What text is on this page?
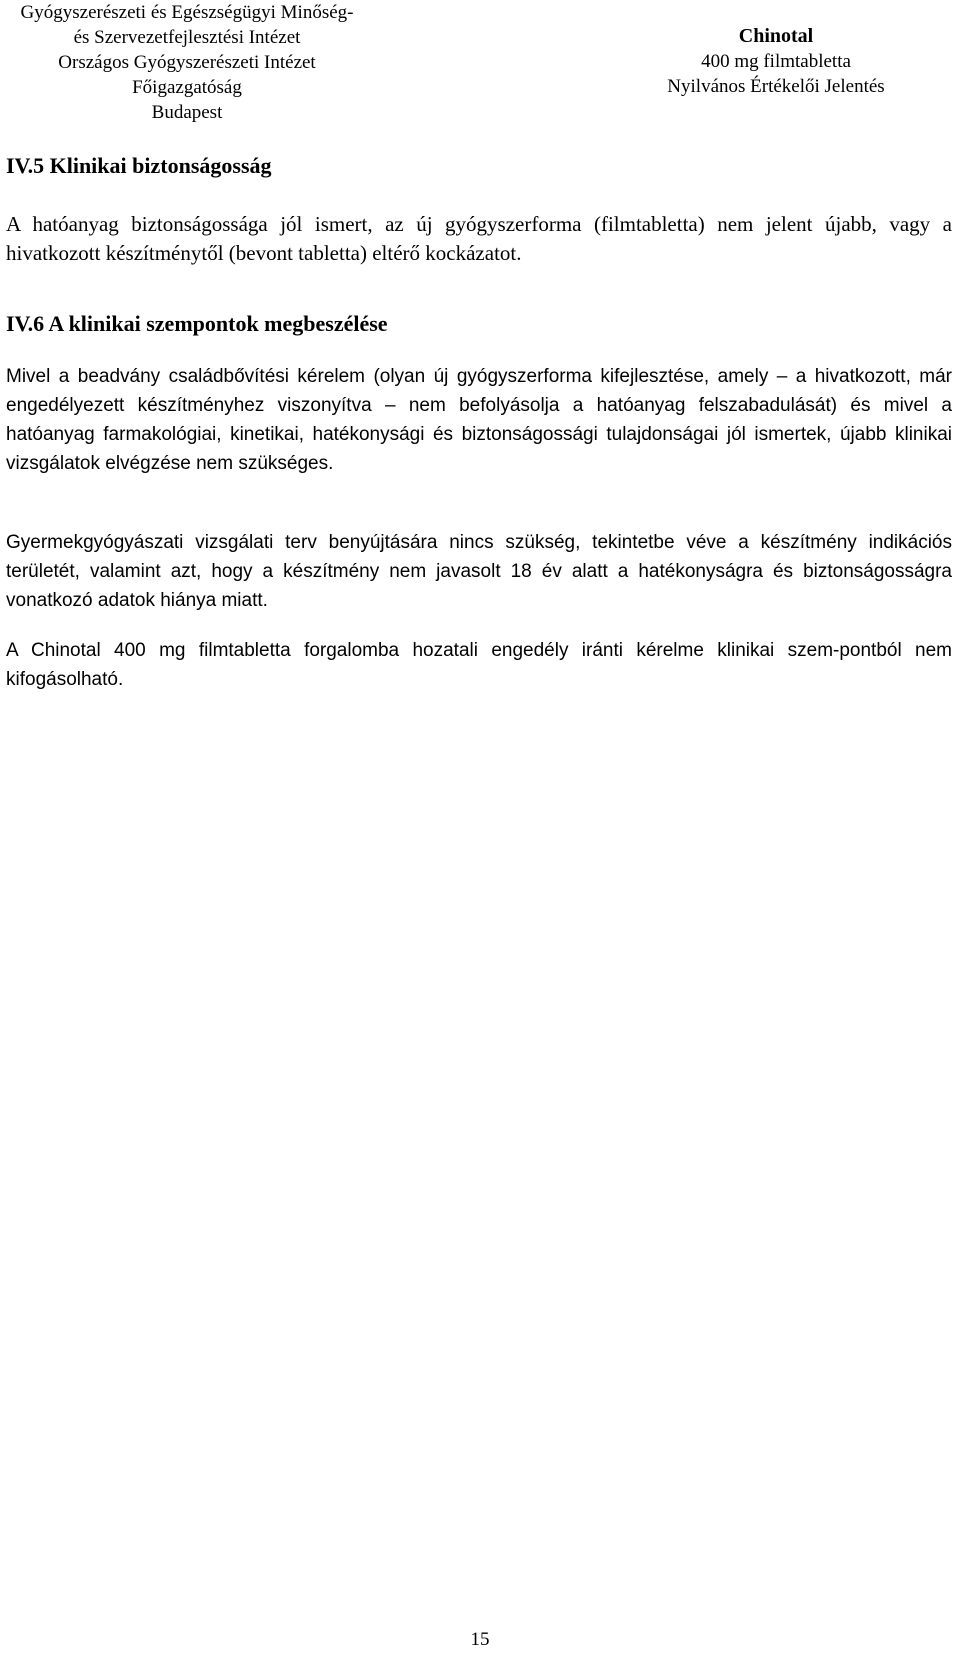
Gyógyszerészeti és Egészségügyi Minőség-
és Szervezetfejlesztési Intézet
Országos Gyógyszerészeti Intézet
Főigazgatóság
Budapest
Chinotal
400 mg filmtabletta
Nyilvános Értékelői Jelentés
IV.5 Klinikai biztonságosság

A hatóanyag biztonságossága jól ismert, az új gyógyszerforma (filmtabletta) nem jelent újabb, vagy a hivatkozott készítménytől (bevont tabletta) eltérő kockázatot.

IV.6 A klinikai szempontok megbeszélése

Mivel a beadvány családbővítési kérelem (olyan új gyógyszerforma kifejlesztése, amely – a hivatkozott, már engedélyezett készítményhez viszonyítva – nem befolyásolja a hatóanyag felszabadulását) és mivel a hatóanyag farmakológiai, kinetikai, hatékonysági és biztonságossági tulajdonságai jól ismertek, újabb klinikai vizsgálatok elvégzése nem szükséges.

Gyermekgyógyászati vizsgálati terv benyújtására nincs szükség, tekintetbe véve a készítmény indikációs területét, valamint azt, hogy a készítmény nem javasolt 18 év alatt a hatékonyságra és biztonságosságra vonatkozó adatok hiánya miatt.

A Chinotal 400 mg filmtabletta forgalomba hozatali engedély iránti kérelme klinikai szem-pontból nem kifogásolható.

15
